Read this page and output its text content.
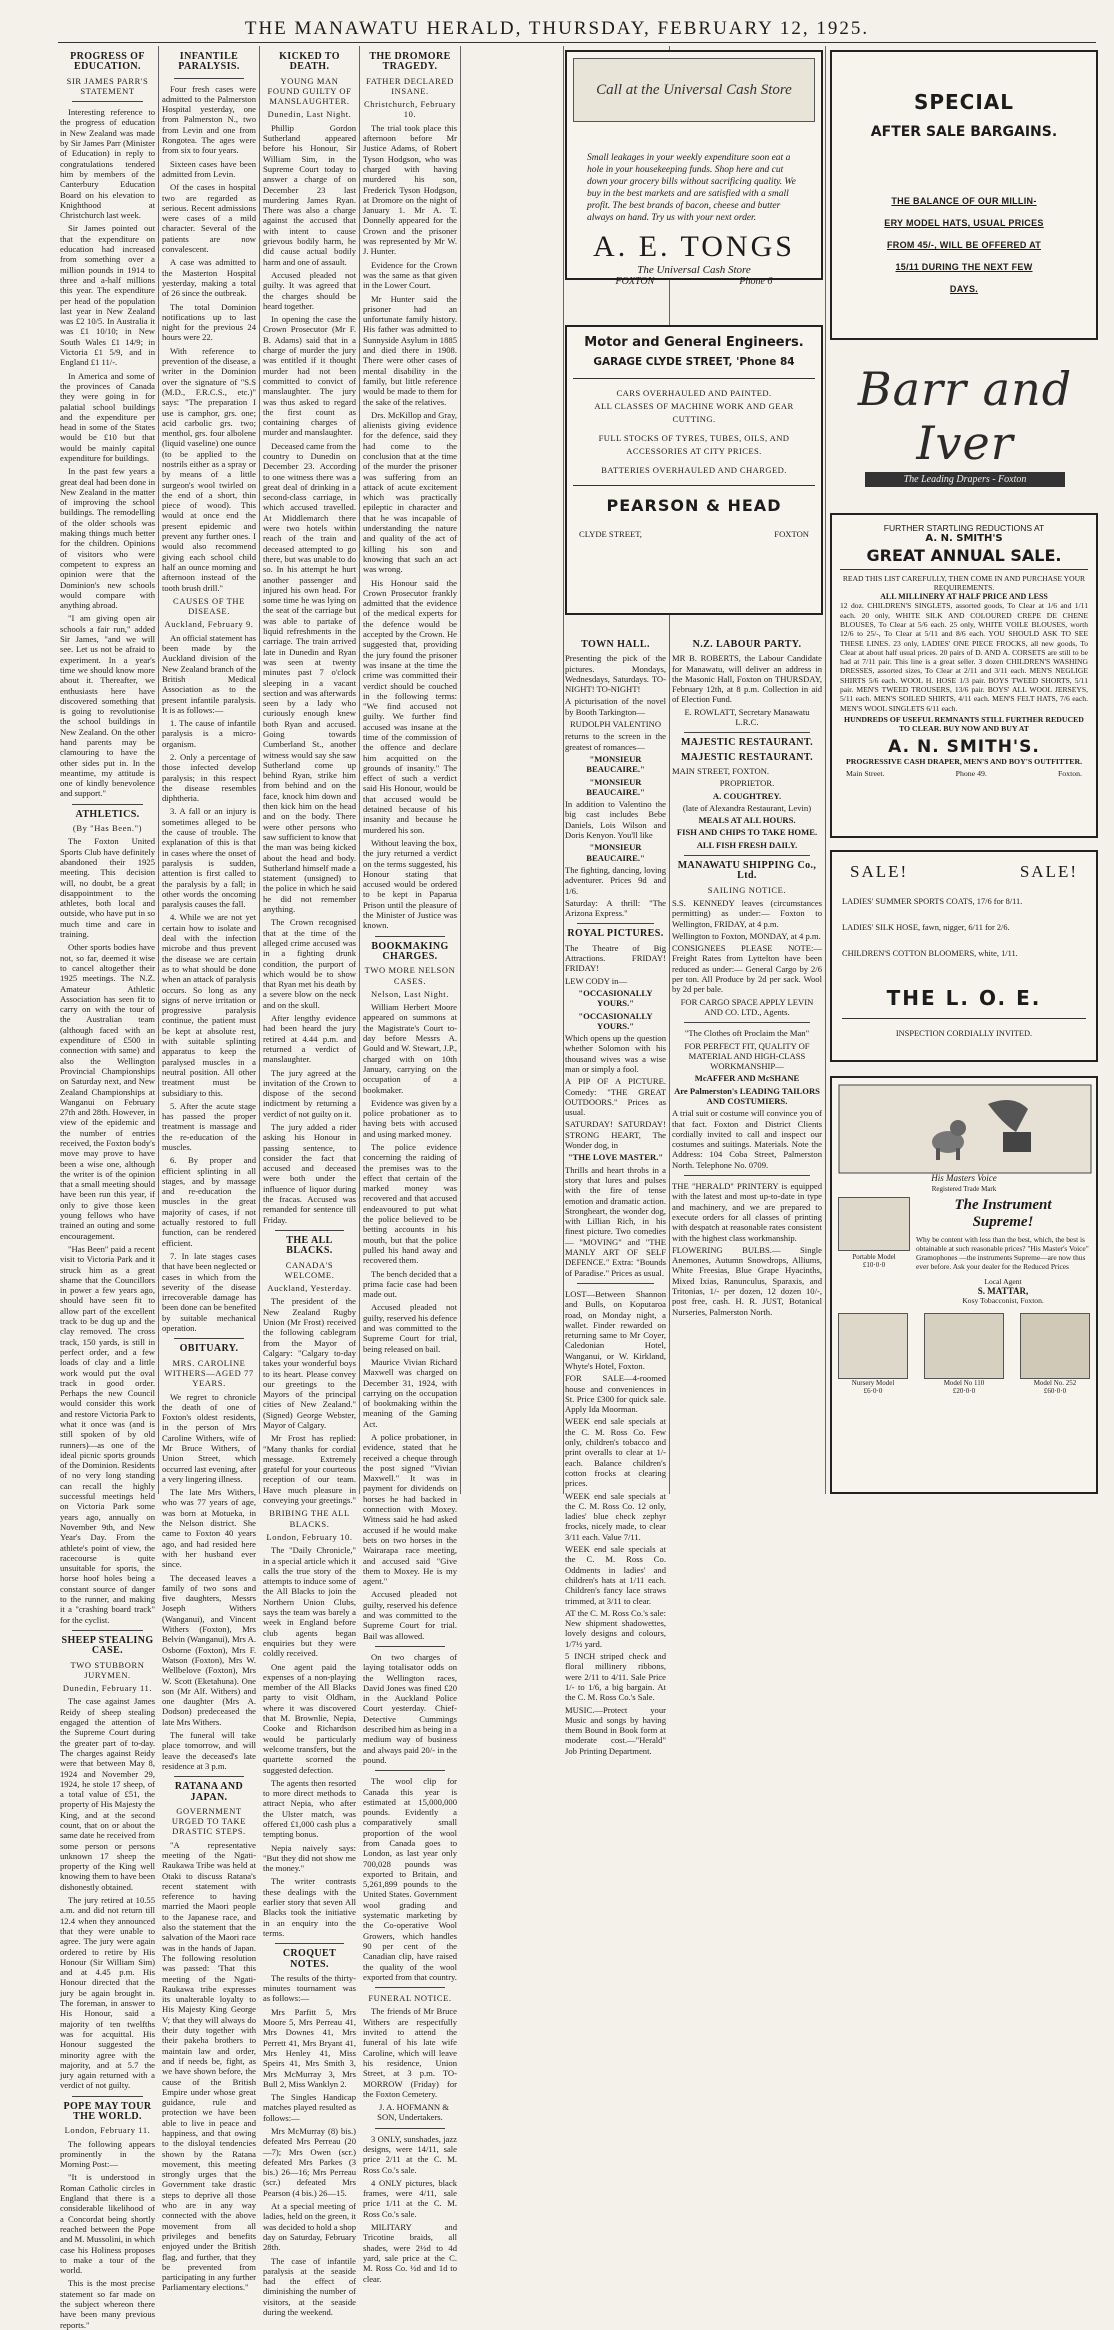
THE MANAWATU HERALD, THURSDAY, FEBRUARY 12, 1925.
PROGRESS OF EDUCATION.
SIR JAMES PARR'S STATEMENT

Interesting reference to the progress of education in New Zealand was made by Sir James Parr (Minister of Education) in reply to congratulations tendered him by members of the Canterbury Education Board on his elevation to Knighthood at Christchurch last week.

Sir James pointed out that the expenditure on education had increased from something over a million pounds in 1914 to three and a-half millions this year. The expenditure per head of the population last year in New Zealand was £2 10/5. In Australia it was £1 10/10; in New South Wales £1 14/9; in Victoria £1 5/9, and in England £1 11/-.

In America and some of the provinces of Canada they were going in for palatial school buildings and the expenditure per head in some of the States would be £10 but that would be mainly capital expenditure for buildings.

In the past few years a great deal had been done in New Zealand in the matter of improving the school buildings. The remodelling of the older schools was making things much better for the children. Opinions of visitors who were competent to express an opinion were that the Dominion's new schools would compare with anything abroad.

"I am giving open air schools a fair run," added Sir James, "and we will see. Let us not be afraid to experiment. In a year's time we should know more about it. Thereafter, we enthusiasts here have discovered something that is going to revolutionise the school buildings in New Zealand. On the other hand parents may be clamouring to have the other sides put in. In the meantime, my attitude is one of kindly benevolence and support."

ATHLETICS.
(By "Has Been.")

The Foxton United Sports Club have definitely abandoned their 1925 meeting. This decision will, no doubt, be a great disappointment to the athletes, both local and outside, who have put in so much time and care in training.

Other sports bodies have not, so far, deemed it wise to cancel altogether their 1925 meetings. The N.Z. Amateur Athletic Association has seen fit to carry on with the tour of the Australian team (although faced with an expenditure of £500 in connection with same) and also the Wellington Provincial Championships on Saturday next, and New Zealand Championships at Wanganui on February 27th and 28th. However, in view of the epidemic and the number of entries received, the Foxton body's move may prove to have been a wise one, although the writer is of the opinion that a small meeting should have been run this year, if only to give those keen young fellows who have trained an outing and some encouragement.

"Has Been" paid a recent visit to Victoria Park and it struck him as a great shame that the Councillors in power a few years ago, should have seen fit to allow part of the excellent track to be dug up and the clay removed. The cross track, 150 yards, is still in perfect order, and a few loads of clay and a little work would put the oval track in good order. Perhaps the new Council would consider this work and restore Victoria Park to what it once was (and is still spoken of by old runners)—as one of the ideal picnic sports grounds of the Dominion. Residents of no very long standing can recall the highly successful meetings held on Victoria Park some years ago, annually on November 9th, and New Year's Day. From the athlete's point of view, the racecourse is quite unsuitable for sports, the horse hoof holes being a constant source of danger to the runner, and making it a "crashing board track" for the cyclist.

SHEEP STEALING CASE.
TWO STUBBORN JURYMEN.
Dunedin, February 11.

The case against James Reidy of sheep stealing engaged the attention of the Supreme Court during the greater part of to-day. The charges against Reidy were that between May 8, 1924 and November 29, 1924, he stole 17 sheep, of a total value of £51, the property of His Majesty the King, and at the second count, that on or about the same date he received from some person or persons unknown 17 sheep the property of the King well knowing them to have been dishonestly obtained.

The jury retired at 10.55 a.m. and did not return till 12.4 when they announced that they were unable to agree. The jury were again ordered to retire by His Honour (Sir William Sim) and at 4.45 p.m. His Honour directed that the jury be again brought in. The foreman, in answer to His Honour, said a majority of ten twelfths was for acquittal. His Honour suggested the minority agree with the majority, and at 5.7 the jury again returned with a verdict of not guilty.

POPE MAY TOUR THE WORLD.
London, February 11.

The following appears prominently in the Morning Post:—

"It is understood in Roman Catholic circles in England that there is a considerable likelihood of a Concordat being shortly reached between the Pope and M. Mussolini, in which case his Holiness proposes to make a tour of the world.

This is the most precise statement so far made on the subject whereon there have been many previous reports."

INFANTILE PARALYSIS.

Four fresh cases were admitted to the Palmerston Hospital yesterday, one from Palmerston N., two from Levin and one from Rongotea. The ages were from six to four years.

Sixteen cases have been admitted from Levin.

Of the cases in hospital two are regarded as serious. Recent admissions were cases of a mild character. Several of the patients are now convalescent.

A case was admitted to the Masterton Hospital yesterday, making a total of 26 since the outbreak.

The total Dominion notifications up to last night for the previous 24 hours were 22.

With reference to prevention of the disease, a writer in the Dominion over the signature of "S.S (M.D., F.R.C.S., etc.)" says: "The preparation I use is camphor, grs. one; acid carbolic grs. two; menthol, grs. four albolene (liquid vaseline) one ounce (to be applied to the nostrils either as a spray or by means of a little surgeon's wool twirled on the end of a short, thin piece of wood). This would at once end the present epidemic and prevent any further ones. I would also recommend giving each school child half an ounce morning and afternoon instead of the tooth brush drill."

CAUSES OF THE DISEASE.
Auckland, February 9.

An official statement has been made by the Auckland division of the New Zealand branch of the British Medical Association as to the present infantile paralysis. It is as follows:—

1. The cause of infantile paralysis is a micro-organism.

2. Only a percentage of those infected develop paralysis; in this respect the disease resembles diphtheria.

3. A fall or an injury is sometimes alleged to be the cause of trouble. The explanation of this is that in cases where the onset of paralysis is sudden, attention is first called to the paralysis by a fall; in other words the oncoming paralysis causes the fall.

4. While we are not yet certain how to isolate and deal with the infection microbe and thus prevent the disease we are certain as to what should be done when an attack of paralysis occurs. So long as any signs of nerve irritation or progressive paralysis continue, the patient must be kept at absolute rest, with suitable splinting apparatus to keep the paralysed muscles in a neutral position. All other treatment must be subsidiary to this.

5. After the acute stage has passed the proper treatment is massage and the re-education of the muscles.

6. By proper and efficient splinting in all stages, and by massage and re-education the muscles in the great majority of cases, if not actually restored to full function, can be rendered efficient.

7. In late stages cases that have been neglected or cases in which from the severity of the disease irrecoverable damage has been done can be benefited by suitable mechanical operation.

OBITUARY.
MRS. CAROLINE WITHERS—AGED 77 YEARS.

We regret to chronicle the death of one of Foxton's oldest residents, in the person of Mrs Caroline Withers, wife of Mr Bruce Withers, of Union Street, which occurred last evening, after a very lingering illness.

The late Mrs Withers, who was 77 years of age, was born at Motueka, in the Nelson district. She came to Foxton 40 years ago, and had resided here with her husband ever since.

The deceased leaves a family of two sons and five daughters, Messrs Joseph Withers (Wanganui), and Vincent Withers (Foxton), Mrs Belvin (Wanganui), Mrs A. Osborne (Foxton), Mrs F. Watson (Foxton), Mrs W. Wellbelove (Foxton), Mrs W. Scott (Eketahuna). One son (Mr Alf. Withers) and one daughter (Mrs A. Dodson) predeceased the late Mrs Withers.

The funeral will take place tomorrow, and will leave the deceased's late residence at 3 p.m.

RATANA AND JAPAN.
GOVERNMENT URGED TO TAKE DRASTIC STEPS.

"A representative meeting of the Ngati-Raukawa Tribe was held at Otaki to discuss Ratana's recent statement with reference to having married the Maori people to the Japanese race, and also the statement that the salvation of the Maori race was in the hands of Japan. The following resolution was passed: 'That this meeting of the Ngati-Raukawa tribe expresses its unalterable loyalty to His Majesty King George V; that they will always do their duty together with their pakeha brothers to maintain law and order, and if needs be, fight, as we have shown before, the cause of the British Empire under whose great guidance, rule and protection we have been able to live in peace and happiness, and that owing to the disloyal tendencies shown by the Ratana movement, this meeting strongly urges that the Government take drastic steps to deprive all those who are in any way connected with the above movement from all privileges and benefits enjoyed under the British flag, and further, that they be prevented from participating in any further Parliamentary elections."

KICKED TO DEATH.
YOUNG MAN FOUND GUILTY OF MANSLAUGHTER.
Dunedin, Last Night.

Phillip Gordon Sutherland appeared before his Honour, Sir William Sim, in the Supreme Court today to answer a charge of on December 23 last murdering James Ryan. There was also a charge against the accused that with intent to cause grievous bodily harm, he did cause actual bodily harm and one of assault.

Accused pleaded not guilty. It was agreed that the charges should be heard together.

In opening the case the Crown Prosecutor (Mr F. B. Adams) said that in a charge of murder the jury was entitled if it thought murder had not been committed to convict of manslaughter. The jury was thus asked to regard the first count as containing charges of murder and manslaughter.

Deceased came from the country to Dunedin on December 23. According to one witness there was a great deal of drinking in a second-class carriage, in which accused travelled. At Middlemarch there were two hotels within reach of the train and deceased attempted to go there, but was unable to do so. In his attempt he hurt another passenger and injured his own head. For some time he was lying on the seat of the carriage but was able to partake of liquid refreshments in the carriage. The train arrived late in Dunedin and Ryan was seen at twenty minutes past 7 o'clock sleeping in a vacant section and was afterwards seen by a lady who curiously enough knew both Ryan and accused. Going towards Cumberland St., another witness would say she saw Sutherland come up behind Ryan, strike him from behind and on the face, knock him down and then kick him on the head and on the body. There were other persons who saw sufficient to know that the man was being kicked about the head and body. Sutherland himself made a statement (unsigned) to the police in which he said he did not remember anything.

The Crown recognised that at the time of the alleged crime accused was in a fighting drunk condition, the purport of which would be to show that Ryan met his death by a severe blow on the neck and on the skull.

After lengthy evidence had been heard the jury retired at 4.44 p.m. and returned a verdict of manslaughter.

The jury agreed at the invitation of the Crown to dispose of the second indictment by returning a verdict of not guilty on it.

The jury added a rider asking his Honour in passing sentence, to consider the fact that accused and deceased were both under the influence of liquor during the fracas. Accused was remanded for sentence till Friday.

THE ALL BLACKS.
CANADA'S WELCOME.
Auckland, Yesterday.

The president of the New Zealand Rugby Union (Mr Frost) received the following cablegram from the Mayor of Calgary: "Calgary to-day takes your wonderful boys to its heart. Please convey our greetings to the Mayors of the principal cities of New Zealand." (Signed) George Webster, Mayor of Calgary.

Mr Frost has replied: "Many thanks for cordial message. Extremely grateful for your courteous reception of our team. Have much pleasure in conveying your greetings."

BRIBING THE ALL BLACKS.
London, February 10.

The "Daily Chronicle," in a special article which it calls the true story of the attempts to induce some of the All Blacks to join the Northern Union Clubs, says the team was barely a week in England before club agents began enquiries but they were coldly received.

One agent paid the expenses of a non-playing member of the All Blacks party to visit Oldham, where it was discovered that M. Brownlie, Nepia, Cooke and Richardson would be particularly welcome transfers, but the quartette scorned the suggested defection.

The agents then resorted to more direct methods to attract Nepia, who after the Ulster match, was offered £1,000 cash plus a tempting bonus.

Nepia naively says: "But they did not show me the money."

The writer contrasts these dealings with the earlier story that seven All Blacks took the initiative in an enquiry into the terms.

CROQUET NOTES.

The results of the thirty-minutes tournament was as follows:—

Mrs Parfitt 5, Mrs Moore 5, Mrs Perreau 41, Mrs Downes 41, Mrs Perrett 41, Mrs Bryant 41, Mrs Henley 41, Miss Speirs 41, Mrs Smith 3, Mrs McMurray 3, Mrs Bull 2, Miss Wanklyn 2.

The Singles Handicap matches played resulted as follows:—

Mrs McMurray (8) bis.) defeated Mrs Perreau (20—7); Mrs Owen (scr.) defeated Mrs Parkes (3 bis.) 26—16; Mrs Perreau (scr.) defeated Mrs Pearson (4 bis.) 26—15.

At a special meeting of ladies, held on the green, it was decided to hold a shop day on Saturday, February 28th.

The case of infantile paralysis at the seaside had the effect of diminishing the number of visitors, at the seaside during the weekend.

THE DROMORE TRAGEDY.
FATHER DECLARED INSANE.
Christchurch, February 10.

The trial took place this afternoon before Mr Justice Adams, of Robert Tyson Hodgson, who was charged with having murdered his son, Frederick Tyson Hodgson, at Dromore on the night of January 1. Mr A. T. Donnelly appeared for the Crown and the prisoner was represented by Mr W. J. Hunter.

Evidence for the Crown was the same as that given in the Lower Court.

Mr Hunter said the prisoner had an unfortunate family history. His father was admitted to Sunnyside Asylum in 1885 and died there in 1908. There were other cases of mental disability in the family, but little reference would be made to them for the sake of the relatives.

Drs. McKillop and Gray, alienists giving evidence for the defence, said they had come to the conclusion that at the time of the murder the prisoner was suffering from an attack of acute excitement which was practically epileptic in character and that he was incapable of understanding the nature and quality of the act of killing his son and knowing that such an act was wrong.

His Honour said the Crown Prosecutor frankly admitted that the evidence of the medical experts for the defence would be accepted by the Crown. He suggested that, providing the jury found the prisoner was insane at the time the crime was committed their verdict should be couched in the following terms: "We find accused not guilty. We further find accused was insane at the time of the commission of the offence and declare him acquitted on the grounds of insanity." The effect of such a verdict said His Honour, would be that accused would be detained because of his insanity and because he murdered his son.

Without leaving the box, the jury returned a verdict on the terms suggested, his Honour stating that accused would be ordered to be kept in Paparua Prison until the pleasure of the Minister of Justice was known.

BOOKMAKING CHARGES.
TWO MORE NELSON CASES.
Nelson, Last Night.

William Herbert Moore appeared on summons at the Magistrate's Court to-day before Messrs A. Gould and W. Stewart, J.P., charged with on 10th January, carrying on the occupation of a bookmaker.

Evidence was given by a police probationer as to having bets with accused and using marked money.

The police evidence concerning the raiding of the premises was to the effect that certain of the marked money was recovered and that accused endeavoured to put what the police believed to be betting accounts in his mouth, but that the police pulled his hand away and recovered them.

The bench decided that a prima facie case had been made out.

Accused pleaded not guilty, reserved his defence and was committed to the Supreme Court for trial, being released on bail.

Maurice Vivian Richard Maxwell was charged on December 31, 1924, with carrying on the occupation of bookmaking within the meaning of the Gaming Act.

A police probationer, in evidence, stated that he received a cheque through the post signed "Vivian Maxwell." It was in payment for dividends on horses he had backed in connection with Moxey. Witness said he had asked accused if he would make bets on two horses in the Wairarapa race meeting, and accused said "Give them to Moxey. He is my agent."

Accused pleaded not guilty, reserved his defence and was committed to the Supreme Court for trial. Bail was allowed.

On two charges of laying totalisator odds on the Wellington races, David Jones was fined £20 in the Auckland Police Court yesterday. Chief-Detective Cummings described him as being in a medium way of business and always paid 20/- in the pound.

The wool clip for Canada this year is estimated at 15,000,000 pounds. Evidently a comparatively small proportion of the wool from Canada goes to London, as last year only 700,028 pounds was exported to Britain, and 5,261,899 pounds to the United States. Government wool grading and systematic marketing by the Co-operative Wool Growers, which handles 90 per cent of the Canadian clip, have raised the quality of the wool exported from that country.

FUNERAL NOTICE.

The friends of Mr Bruce Withers are respectfully invited to attend the funeral of his late wife Caroline, which will leave his residence, Union Street, at 3 p.m. TO-MORROW (Friday) for the Foxton Cemetery.

J. A. HOFMANN & SON, Undertakers.

3 ONLY, sunshades, jazz designs, were 14/11, sale price 2/11 at the C. M. Ross Co.'s sale.

4 ONLY pictures, black frames, were 4/11, sale price 1/11 at the C. M. Ross Co.'s sale.

MILITARY and Tricotine braids, all shades, were 2½d to 4d yard, sale price at the C. M. Ross Co. ½d and 1d to clear.

Call at the Universal Cash Store
Small leakages in your weekly expenditure soon eat a hole in your housekeeping funds. Shop here and cut down your grocery bills without sacrificing quality. We buy in the best markets and are satisfied with a small profit. The best brands of bacon, cheese and butter always on hand. Try us with your next order.
A. E. TONGS
The Universal Cash Store
FOXTON	Phone 6
Motor and General Engineers.
GARAGE CLYDE STREET, 'Phone 84
CARS OVERHAULED AND PAINTED.
ALL CLASSES OF MACHINE WORK AND GEAR CUTTING.
FULL STOCKS OF TYRES, TUBES, OILS, AND ACCESSORIES AT CITY PRICES.
BATTERIES OVERHAULED AND CHARGED.
PEARSON & HEAD
CLYDE STREET,	FOXTON
TOWN HALL.

Presenting the pick of the pictures. Mondays, Wednesdays, Saturdays. TO-NIGHT! TO-NIGHT!

A picturisation of the novel by Booth Tarkington—

RUDOLPH VALENTINO

returns to the screen in the greatest of romances—

"MONSIEUR BEAUCAIRE."

"MONSIEUR BEAUCAIRE."

In addition to Valentino the big cast includes Bebe Daniels, Lois Wilson and Doris Kenyon. You'll like

"MONSIEUR BEAUCAIRE."

The fighting, dancing, loving adventurer. Prices 9d and 1/6.

Saturday: A thrill: "The Arizona Express."

ROYAL PICTURES.

The Theatre of Big Attractions. FRIDAY! FRIDAY!

LEW CODY in—

"OCCASIONALLY YOURS."

"OCCASIONALLY YOURS."

Which opens up the question whether Solomon with his thousand wives was a wise man or simply a fool.

A PIP OF A PICTURE. Comedy: "THE GREAT OUTDOORS." Prices as usual.

SATURDAY! SATURDAY! STRONG HEART, The Wonder dog, in

"THE LOVE MASTER."

Thrills and heart throbs in a story that lures and pulses with the fire of tense emotion and dramatic action. Strongheart, the wonder dog, with Lillian Rich, in his finest picture. Two comedies— "MOVING" and "THE MANLY ART OF SELF DEFENCE." Extra: "Bounds of Paradise." Prices as usual.

LOST—Between Shannon and Bulls, on Koputaroa road, on Monday night, a wallet. Finder rewarded on returning same to Mr Coyer, Caledonian Hotel, Wanganui, or W. Kirkland, Whyte's Hotel, Foxton.

FOR SALE—4-roomed house and conveniences in St. Price £300 for quick sale. Apply Ida Moorman.

WEEK end sale specials at the C. M. Ross Co. Few only, children's tobacco and print overalls to clear at 1/- each. Balance children's cotton frocks at clearing prices.

WEEK end sale specials at the C. M. Ross Co. 12 only, ladies' blue check zephyr frocks, nicely made, to clear 3/11 each. Value 7/11.

WEEK end sale specials at the C. M. Ross Co. Oddments in ladies' and children's hats at 1/11 each. Children's fancy lace straws trimmed, at 3/11 to clear.

AT the C. M. Ross Co.'s sale: New shipment shadowettes, lovely designs and colours, 1/7½ yard.

5 INCH striped check and floral millinery ribbons, were 2/11 to 4/11. Sale Price 1/- to 1/6, a big bargain. At the C. M. Ross Co.'s Sale.

MUSIC.—Protect your Music and songs by having them Bound in Book form at moderate cost.—"Herald" Job Printing Department.

N.Z. LABOUR PARTY.

MR B. ROBERTS, the Labour Candidate for Manawatu, will deliver an address in the Masonic Hall, Foxton on THURSDAY, February 12th, at 8 p.m. Collection in aid of Election Fund.

E. ROWLATT, Secretary Manawatu L.R.C.

MAJESTIC RESTAURANT.
MAJESTIC RESTAURANT.

MAIN STREET, FOXTON.

PROPRIETOR.

A. COUGHTREY.

(late of Alexandra Restaurant, Levin)

MEALS AT ALL HOURS.

FISH AND CHIPS TO TAKE HOME.

ALL FISH FRESH DAILY.

MANAWATU SHIPPING Co., Ltd.
SAILING NOTICE.

S.S. KENNEDY leaves (circumstances permitting) as under:— Foxton to Wellington, FRIDAY, at 4 p.m.

Wellington to Foxton, MONDAY, at 4 p.m.

CONSIGNEES PLEASE NOTE:— Freight Rates from Lyttelton have been reduced as under:— General Cargo by 2/6 per ton. All Produce by 2d per sack. Wool by 2d per bale.

FOR CARGO SPACE APPLY LEVIN AND CO. LTD., Agents.

"The Clothes oft Proclaim the Man"

FOR PERFECT FIT, QUALITY OF MATERIAL AND HIGH-CLASS WORKMANSHIP—

McAFFER AND McSHANE

Are Palmerston's LEADING TAILORS AND COSTUMIERS.

A trial suit or costume will convince you of that fact. Foxton and District Clients cordially invited to call and inspect our costumes and suitings. Materials. Note the Address: 104 Coba Street, Palmerston North. Telephone No. 0709.

THE "HERALD" PRINTERY is equipped with the latest and most up-to-date in type and machinery, and we are prepared to execute orders for all classes of printing with despatch at reasonable rates consistent with the highest class workmanship.

FLOWERING BULBS.— Single Anemones, Autumn Snowdrops, Alliums, White Freesias, Blue Grape Hyacinths, Mixed Ixias, Ranunculus, Sparaxis, and Tritonias, 1/- per dozen, 12 dozen 10/-, post free, cash. H. R. JUST, Botanical Nurseries, Palmerston North.

SPECIAL
AFTER SALE BARGAINS.
THE BALANCE OF OUR MILLIN-
ERY MODEL HATS, USUAL PRICES
FROM 45/-, WILL BE OFFERED AT
15/11 DURING THE NEXT FEW
DAYS.
Barr and Iver
The Leading Drapers - Foxton
FURTHER STARTLING REDUCTIONS AT
A. N. SMITH'S
GREAT ANNUAL SALE.
READ THIS LIST CAREFULLY, THEN COME IN AND PURCHASE YOUR REQUIREMENTS.
ALL MILLINERY AT HALF PRICE AND LESS
12 doz. CHILDREN'S SINGLETS, assorted goods, To Clear at 1/6 and 1/11 each. 20 only, WHITE SILK AND COLOURED CREPE DE CHENE BLOUSES, To Clear at 5/6 each. 25 only, WHITE VOILE BLOUSES, worth 12/6 to 25/-, To Clear at 5/11 and 8/6 each. YOU SHOULD ASK TO SEE THESE LINES. 23 only, LADIES' ONE PIECE FROCKS, all new goods, To Clear at about half usual prices. 20 pairs of D. AND A. CORSETS are still to be had at 7/11 pair. This line is a great seller. 3 dozen CHILDREN'S WASHING DRESSES, assorted sizes, To Clear at 2/11 and 3/11 each. MEN'S NEGLIGE SHIRTS 5/6 each. WOOL H. HOSE 1/3 pair. BOYS TWEED SHORTS, 5/11 pair. MEN'S TWEED TROUSERS, 13/6 pair. BOYS' ALL WOOL JERSEYS, 5/11 each. MEN'S SOILED SHIRTS, 4/11 each. MEN'S FELT HATS, 7/6 each. MEN'S WOOL SINGLETS 6/11 each.
HUNDREDS OF USEFUL REMNANTS STILL FURTHER REDUCED TO CLEAR. BUY NOW AND BUY AT
A. N. SMITH'S.
PROGRESSIVE CASH DRAPER, MEN'S AND BOY'S OUTFITTER.
Main Street.	Phone 49.	Foxton.
SALE!	SALE!
LADIES' SUMMER SPORTS COATS, 17/6 for 8/11.
LADIES' SILK HOSE, fawn, nigger, 6/11 for 2/6.
CHILDREN'S COTTON BLOOMERS, white, 1/11.
THE L. O. E.
INSPECTION CORDIALLY INVITED.
His Masters Voice
Registered Trade Mark
Portable Model
£10·0·0
The Instrument
Supreme!
Why be content with less than the best, which, the best is obtainable at such reasonable prices? "His Master's Voice" Gramophones —the instruments Supreme—are now thus ever before. Ask your dealer for the Reduced Prices
Local Agent
S. MATTAR,
Kosy Tobacconist, Foxton.
Nursery Model
£6·0·0
Model No 110
£20·0·0
Model No. 252
£60·0·0
